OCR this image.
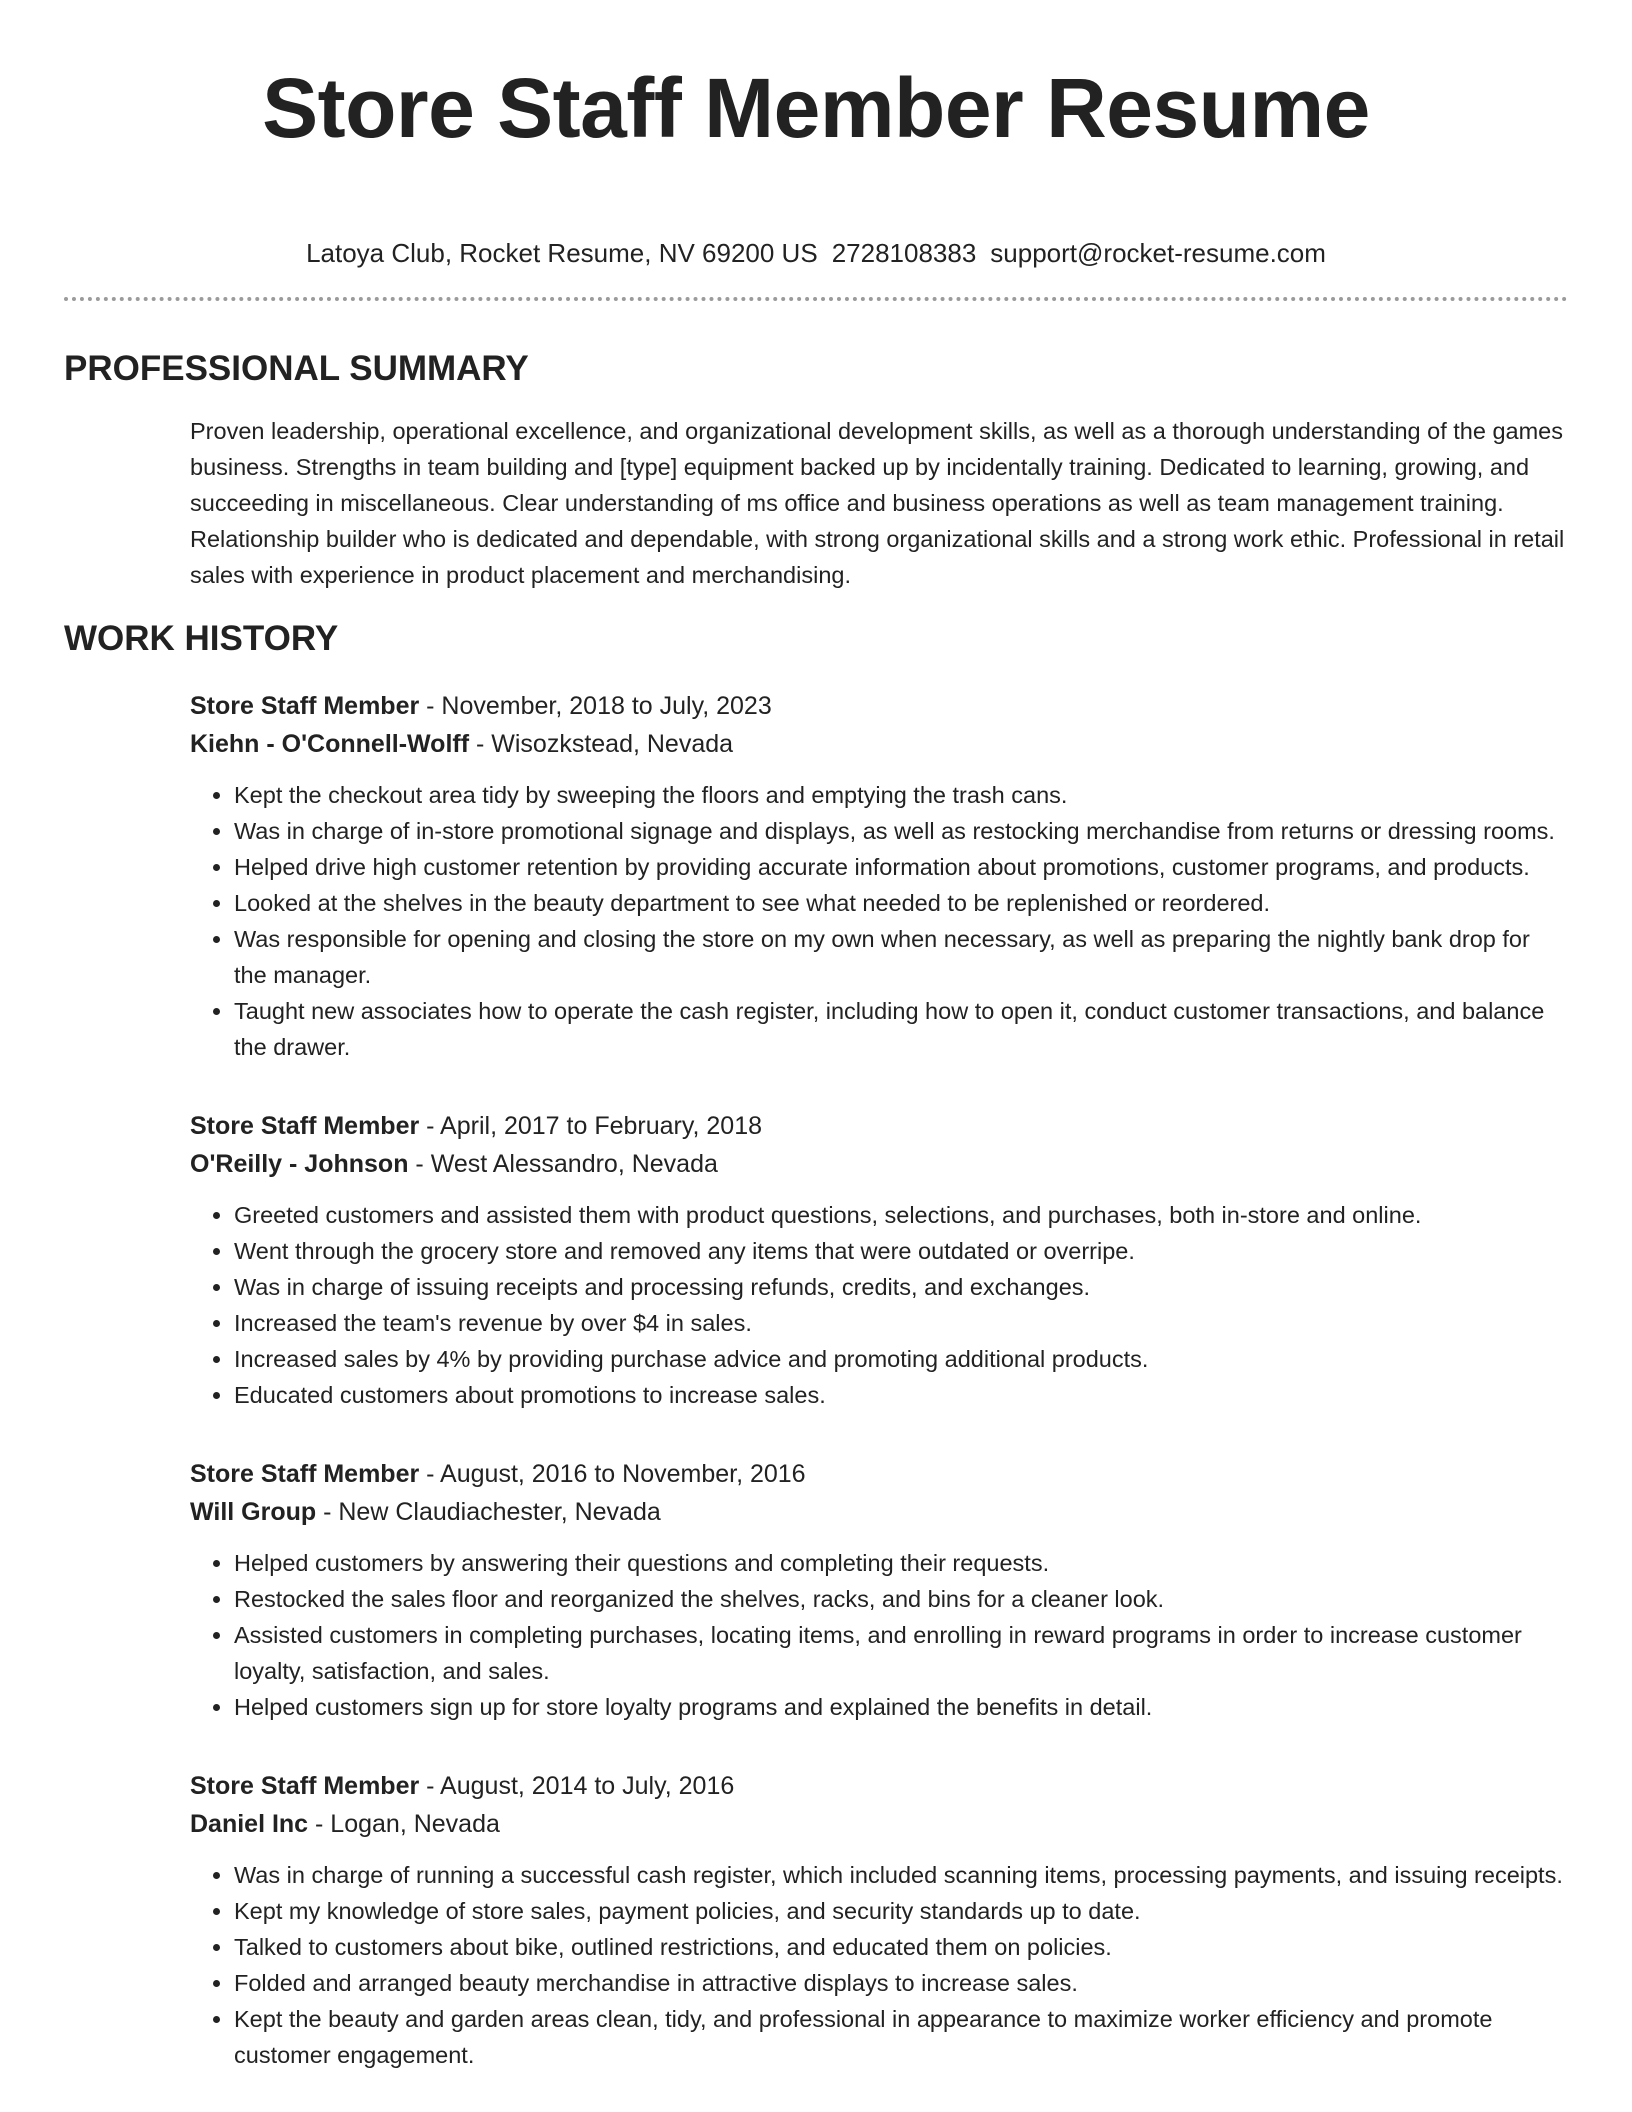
Store Staff Member Resume
Latoya Club, Rocket Resume, NV 69200 US 2728108383 support@rocket-resume.com
PROFESSIONAL SUMMARY
Proven leadership, operational excellence, and organizational development skills, as well as a thorough understanding of the games business. Strengths in team building and [type] equipment backed up by incidentally training. Dedicated to learning, growing, and succeeding in miscellaneous. Clear understanding of ms office and business operations as well as team management training. Relationship builder who is dedicated and dependable, with strong organizational skills and a strong work ethic. Professional in retail sales with experience in product placement and merchandising.
WORK HISTORY
Store Staff Member - November, 2018 to July, 2023
Kiehn - O'Connell-Wolff - Wisozkstead, Nevada
• Kept the checkout area tidy by sweeping the floors and emptying the trash cans.
• Was in charge of in-store promotional signage and displays, as well as restocking merchandise from returns or dressing rooms.
• Helped drive high customer retention by providing accurate information about promotions, customer programs, and products.
• Looked at the shelves in the beauty department to see what needed to be replenished or reordered.
• Was responsible for opening and closing the store on my own when necessary, as well as preparing the nightly bank drop for the manager.
• Taught new associates how to operate the cash register, including how to open it, conduct customer transactions, and balance the drawer.
Store Staff Member - April, 2017 to February, 2018
O'Reilly - Johnson - West Alessandro, Nevada
• Greeted customers and assisted them with product questions, selections, and purchases, both in-store and online.
• Went through the grocery store and removed any items that were outdated or overripe.
• Was in charge of issuing receipts and processing refunds, credits, and exchanges.
• Increased the team's revenue by over $4 in sales.
• Increased sales by 4% by providing purchase advice and promoting additional products.
• Educated customers about promotions to increase sales.
Store Staff Member - August, 2016 to November, 2016
Will Group - New Claudiachester, Nevada
• Helped customers by answering their questions and completing their requests.
• Restocked the sales floor and reorganized the shelves, racks, and bins for a cleaner look.
• Assisted customers in completing purchases, locating items, and enrolling in reward programs in order to increase customer loyalty, satisfaction, and sales.
• Helped customers sign up for store loyalty programs and explained the benefits in detail.
Store Staff Member - August, 2014 to July, 2016
Daniel Inc - Logan, Nevada
• Was in charge of running a successful cash register, which included scanning items, processing payments, and issuing receipts.
• Kept my knowledge of store sales, payment policies, and security standards up to date.
• Talked to customers about bike, outlined restrictions, and educated them on policies.
• Folded and arranged beauty merchandise in attractive displays to increase sales.
• Kept the beauty and garden areas clean, tidy, and professional in appearance to maximize worker efficiency and promote customer engagement.
